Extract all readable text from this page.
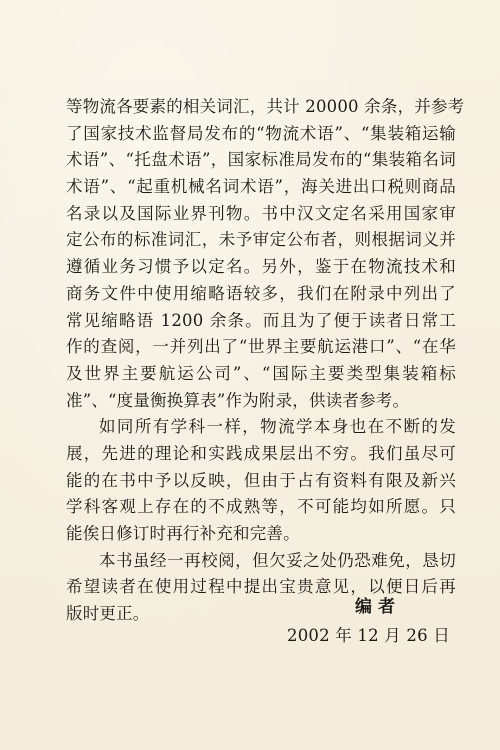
等物流各要素的相关词汇，共计 20000 余条，并参考
了国家技术监督局发布的“物流术语”、“集装箱运输
术语”、“托盘术语”，国家标准局发布的“集装箱名词
术语”、“起重机械名词术语”，海关进出口税则商品
名录以及国际业界刊物。书中汉文定名采用国家审
定公布的标准词汇，未予审定公布者，则根据词义并
遵循业务习惯予以定名。另外，鉴于在物流技术和
商务文件中使用缩略语较多，我们在附录中列出了
常见缩略语 1200 余条。而且为了便于读者日常工
作的查阅，一并列出了“世界主要航运港口”、“在华
及世界主要航运公司”、“国际主要类型集装箱标
准”、“度量衡换算表”作为附录，供读者参考。
如同所有学科一样，物流学本身也在不断的发
展，先进的理论和实践成果层出不穷。我们虽尽可
能的在书中予以反映，但由于占有资料有限及新兴
学科客观上存在的不成熟等，不可能均如所愿。只
能俟日修订时再行补充和完善。
本书虽经一再校阅，但欠妥之处仍恐难免，恳切
希望读者在使用过程中提出宝贵意见，以便日后再
版时更正。	编者
2002 年 12 月 26 日
